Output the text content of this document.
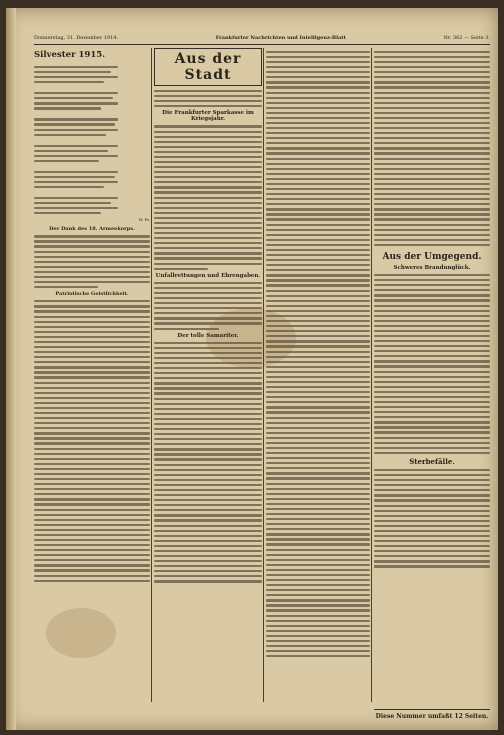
Donnerstag, 31. Dezember 1914.	Frankfurter Nachrichten und Intelligenz-Blatt	Nr. 362 — Seite 3.
Silvester 1915.
W. Pr.
Der Dank des 18. Armeekorps.
Patriotische Geistlichkeit.
Aus der Stadt
Die Frankfurter Sparkasse im Kriegsjahr.
Unfallrettungen und Ehrengaben.
Der tolle Samariter.
Aus der Umgegend.
Schweres Brandunglück.
Sterbefälle.
Diese Nummer umfaßt 12 Seiten.
